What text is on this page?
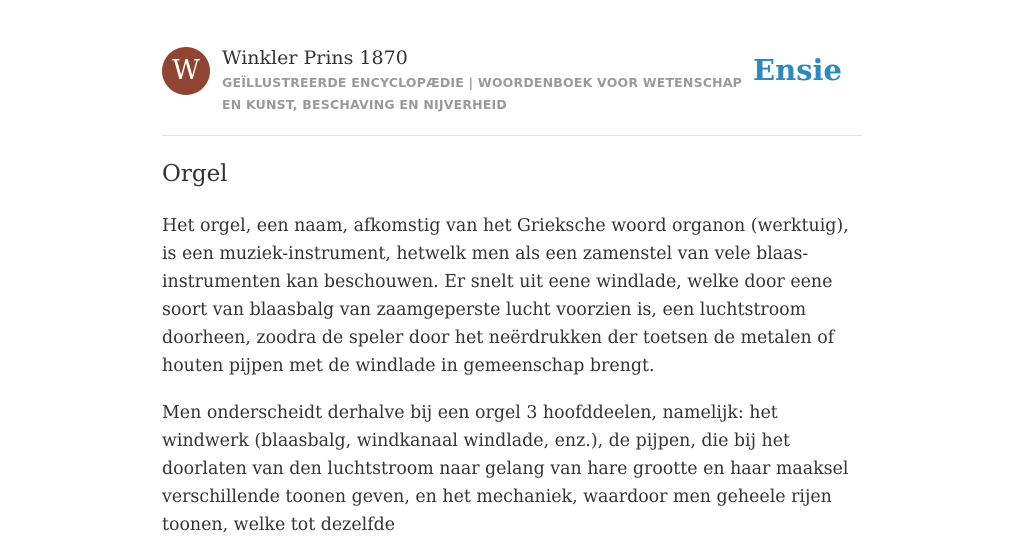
W	Winkler Prins 1870
GEÏLLUSTREERDE ENCYCLOPÆDIE | WOORDENBOEK VOOR WETENSCHAP EN KUNST, BESCHAVING EN NIJVERHEID
Ensie
Orgel

Het orgel, een naam, afkomstig van het Grieksche woord organon (werktuig), is een muziek-instrument, hetwelk men als een zamenstel van vele blaas-instrumenten kan beschouwen. Er snelt uit eene windlade, welke door eene soort van blaasbalg van zaamgeperste lucht voorzien is, een luchtstroom doorheen, zoodra de speler door het neërdrukken der toetsen de metalen of houten pijpen met de windlade in gemeenschap brengt.

Men onderscheidt derhalve bij een orgel 3 hoofddeelen, namelijk: het windwerk (blaasbalg, windkanaal windlade, enz.), de pijpen, die bij het doorlaten van den luchtstroom naar gelang van hare grootte en haar maaksel verschillende toonen geven, en het mechaniek, waardoor men geheele rijen toonen, welke tot dezelfde
